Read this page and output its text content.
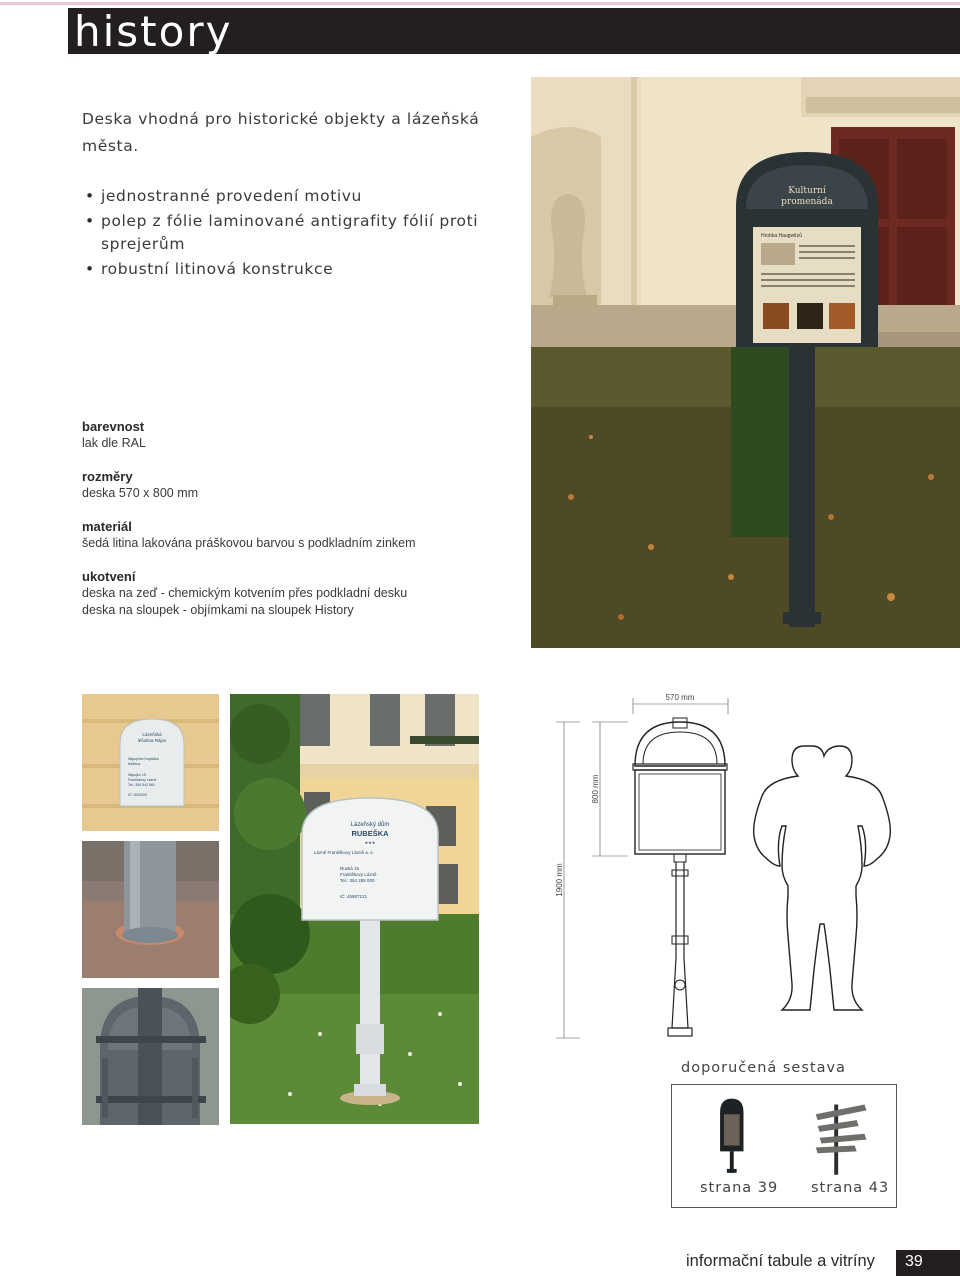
history

Deska vhodná pro historické objekty a lázeňská města.

• jednostranné provedení motivu
• polep z fólie laminované antigrafity fólií proti sprejerům
• robustní litinová konstrukce
barevnost
lak dle RAL
rozměry
deska 570 x 800 mm
materiál
šedá litina lakována práškovou barvou s podkladním zinkem
ukotvení
deska na zeď - chemickým kotvením přes podkladní desku
deska na sloupek - objímkami na sloupek History
Kulturní
promenáda
Hrobka Haugwitzů
Lázeňská
léčebna Rájov
Nápojnice Kapsláku
léčebna
Nápojko 15
Františkovy Lázně
Tel.: 354 542 561
IČ: 0000000
Lázeňský dům
RUBEŠKA
★★★
Lázně Františkovy Lázně a. s.
Ruská 15
Františkovy Lázně
Tel.: 354 285 000
IČ: 46887121
570 mm
800 mm
1900 mm
doporučená sestava
strana 39 strana 43
informační tabule a vitríny 39
